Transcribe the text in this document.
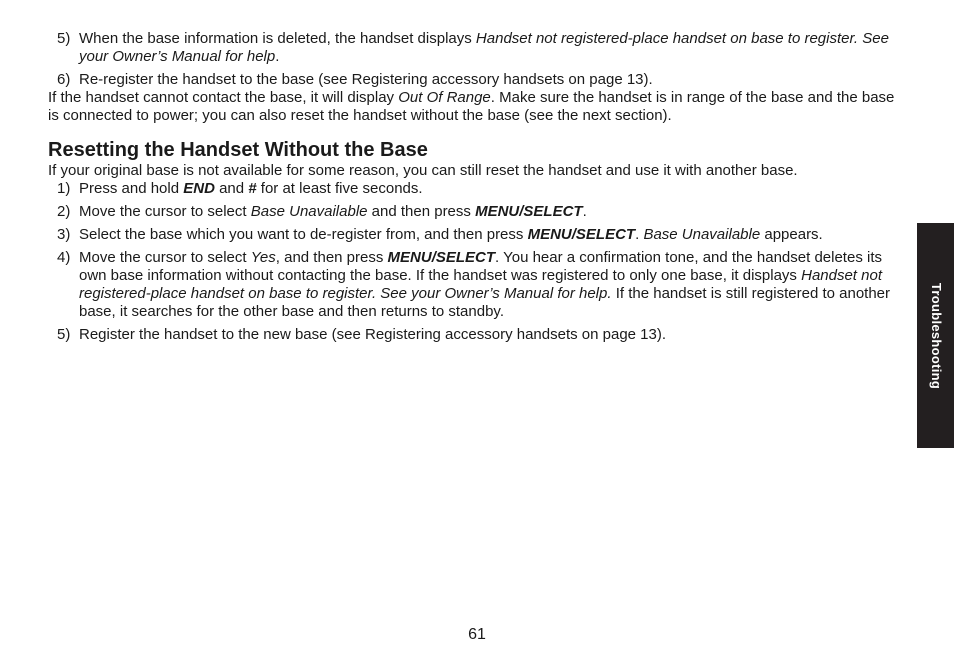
5) When the base information is deleted, the handset displays Handset not registered-place handset on base to register. See your Owner’s Manual for help.
6) Re-register the handset to the base (see Registering accessory handsets on page 13).

If the handset cannot contact the base, it will display Out Of Range. Make sure the handset is in range of the base and the base is connected to power; you can also reset the handset without the base (see the next section).

Resetting the Handset Without the Base

If your original base is not available for some reason, you can still reset the handset and use it with another base.

1) Press and hold END and # for at least five seconds.
2) Move the cursor to select Base Unavailable and then press MENU/SELECT.
3) Select the base which you want to de-register from, and then press MENU/SELECT. Base Unavailable appears.
4) Move the cursor to select Yes, and then press MENU/SELECT. You hear a confirmation tone, and the handset deletes its own base information without contacting the base. If the handset was registered to only one base, it displays Handset not registered-place handset on base to register. See your Owner’s Manual for help. If the handset is still registered to another base, it searches for the other base and then returns to standby.
5) Register the handset to the new base (see Registering accessory handsets on page 13).	Troubleshooting
61
